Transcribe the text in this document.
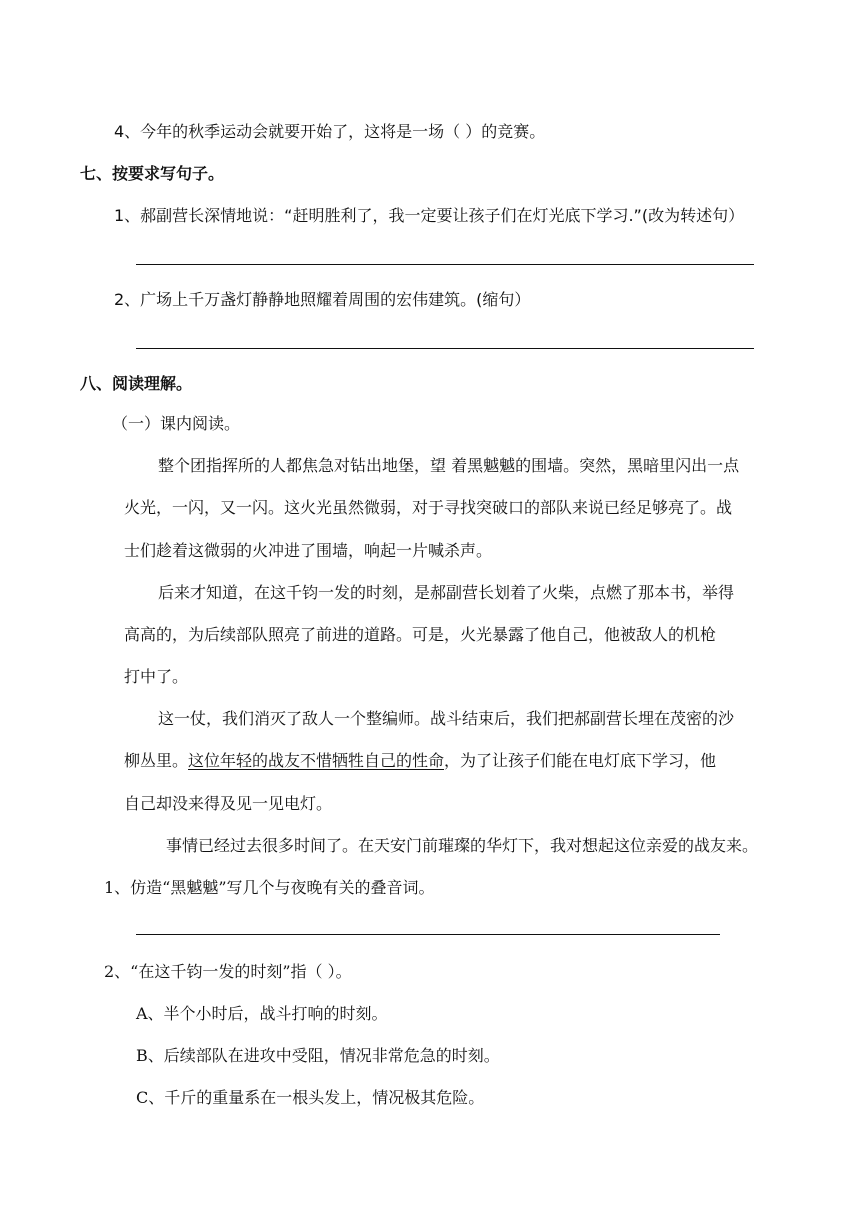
4、今年的秋季运动会就要开始了，这将是一场（ ）的竞赛。
七、按要求写句子。
1、郝副营长深情地说：“赶明胜利了，我一定要让孩子们在灯光底下学习.”(改为转述句）
2、广场上千万盏灯静静地照耀着周围的宏伟建筑。(缩句）
八、阅读理解。
（一）课内阅读。
整个团指挥所的人都焦急对钻出地堡，望 着黑魆魆的围墙。突然，黑暗里闪出一点
火光，一闪，又一闪。这火光虽然微弱，对于寻找突破口的部队来说已经足够亮了。战
士们趁着这微弱的火冲进了围墙，响起一片喊杀声。
后来才知道，在这千钧一发的时刻，是郝副营长划着了火柴，点燃了那本书，举得
高高的，为后续部队照亮了前进的道路。可是，火光暴露了他自己，他被敌人的机枪
打中了。
这一仗，我们消灭了敌人一个整编师。战斗结束后，我们把郝副营长埋在茂密的沙
柳丛里。这位年轻的战友不惜牺牲自己的性命，为了让孩子们能在电灯底下学习，他
自己却没来得及见一见电灯。
事情已经过去很多时间了。在天安门前璀璨的华灯下，我对想起这位亲爱的战友来。
1、仿造“黑魆魆”写几个与夜晚有关的叠音词。
2、“在这千钧一发的时刻”指（ ）。
A、半个小时后，战斗打响的时刻。
B、后续部队在进攻中受阻，情况非常危急的时刻。
C、千斤的重量系在一根头发上，情况极其危险。
